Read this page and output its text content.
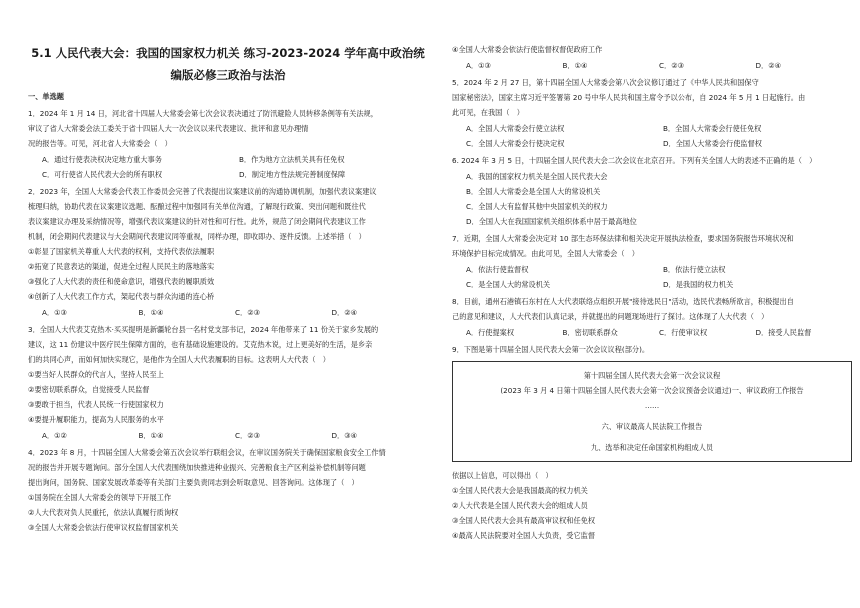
5.1 人民代表大会：我国的国家权力机关 练习-2023-2024 学年高中政治统
编版必修三政治与法治
一、单选题

1．2024 年 1 月 14 日，河北省十四届人大常委会第七次会议表决通过了防汛避险人员转移条例等有关法规，

审议了省人大常委会法工委关于省十四届人大一次会议以来代表建议、批评和意见办理情

况的报告等。可见，河北省人大常委会（　）

A．通过行使表决权决定地方重大事务	B．作为地方立法机关具有任免权
C．可行使省人民代表大会的所有职权	D．制定地方性法规完善制度保障

2．2023 年，全国人大常委会代表工作委员会完善了代表提出议案建议前的沟通协调机制，加强代表议案建议

梳理归纳，协助代表在议案建议选题、酝酿过程中加强同有关单位沟通，了解现行政策、突出问题和既往代

表议案建议办理及采纳情况等，增强代表议案建议的针对性和可行性。此外，规范了闭会期间代表建议工作

机制，闭会期间代表建议与大会期间代表建议同等重视，同样办理，即收即办、逐件反馈。上述举措（　）

①彰显了国家机关尊重人大代表的权利，支持代表依法履职
②拓宽了民意表达的渠道，促进全过程人民民主的落地落实
③强化了人大代表的责任和使命意识，增强代表的履职质效
④创新了人大代表工作方式，架起代表与群众沟通的连心桥
A．①③	B．①④	C．②③	D．②④

3．全国人大代表艾克热木·买买提明是新疆轮台县一名村党支部书记，2024 年他带来了 11 份关于家乡发展的

建议，这 11 份建议中医疗民生保障方面的，也有基础设施建设的。艾克热木说，过上更美好的生活，是乡亲

们的共同心声，而如何加快实现它，是他作为全国人大代表履职的目标。这表明人大代表（　）

①要当好人民群众的代言人，坚持人民至上
②要密切联系群众，自觉接受人民监督
③要敢于担当，代表人民统一行使国家权力
④要提升履职能力，提高为人民服务的水平
A．①②	B．①④	C．②③	D．③④

4．2023 年 8 月，十四届全国人大常委会第五次会议举行联组会议，在审议国务院关于确保国家粮食安全工作情

况的报告并开展专题询问。部分全国人大代表围绕加快推进种业振兴、完善粮食主产区利益补偿机制等问题

提出询问，国务院、国家发展改革委等有关部门主要负责同志到会听取意见、回答询问。这体现了（　）

①国务院在全国人大常委会的领导下开展工作
②人大代表对负人民重托，依法认真履行质询权
③全国人大常委会依法行使审议权监督国家机关
④全国人大常委会依法行使监督权督促政府工作
A．①③	B．①④	C．②③	D．②④

5．2024 年 2 月 27 日，第十四届全国人大常委会第八次会议修订通过了《中华人民共和国保守

国家秘密法》，国家主席习近平签署第 20 号中华人民共和国主席令予以公布，自 2024 年 5 月 1 日起施行。由

此可见，在我国（　）

A．全国人大常委会行使立法权	B．全国人大常委会行使任免权
C．全国人大常委会行使决定权	D．全国人大常委会行使监督权

6. 2024 年 3 月 5 日，十四届全国人民代表大会二次会议在北京召开。下列有关全国人大的表述不正确的是（　）

A．我国的国家权力机关是全国人民代表大会
B．全国人大常委会是全国人大的常设机关
C．全国人大有监督其他中央国家机关的权力
D．全国人大在我国国家机关组织体系中居于最高地位

7．近期，全国人大常委会决定对 10 部生态环保法律和相关决定开展执法检查，要求国务院报告环境状况和

环境保护目标完成情况。由此可见，全国人大常委会（　）

A．依法行使监督权	B．依法行使立法权
C．是全国人大的常设机关	D．是我国的权力机关

8．目前，通州石港镇石东村在人大代表联络点组织开展"接待选民日"活动，选民代表畅所欲言，积极提出自

己的意见和建议，人大代表们认真记录，并就提出的问题现场进行了探讨。这体现了人大代表（　）

A．行使提案权	B．密切联系群众	C．行使审议权	D．接受人民监督

9．下图是第十四届全国人民代表大会第一次会议议程(部分)。

第十四届全国人民代表大会第一次会议议程
(2023 年 3 月 4 日第十四届全国人民代表大会第一次会议预备会议通过)一、审议政府工作报告
……
六、审议最高人民法院工作报告
九、选举和决定任命国家机构组成人员

依据以上信息，可以得出（　）

①全国人民代表大会是我国最高的权力机关
②人大代表是全国人民代表大会的组成人员
③全国人民代表大会具有最高审议权和任免权
④最高人民法院要对全国人大负责，受它监督
